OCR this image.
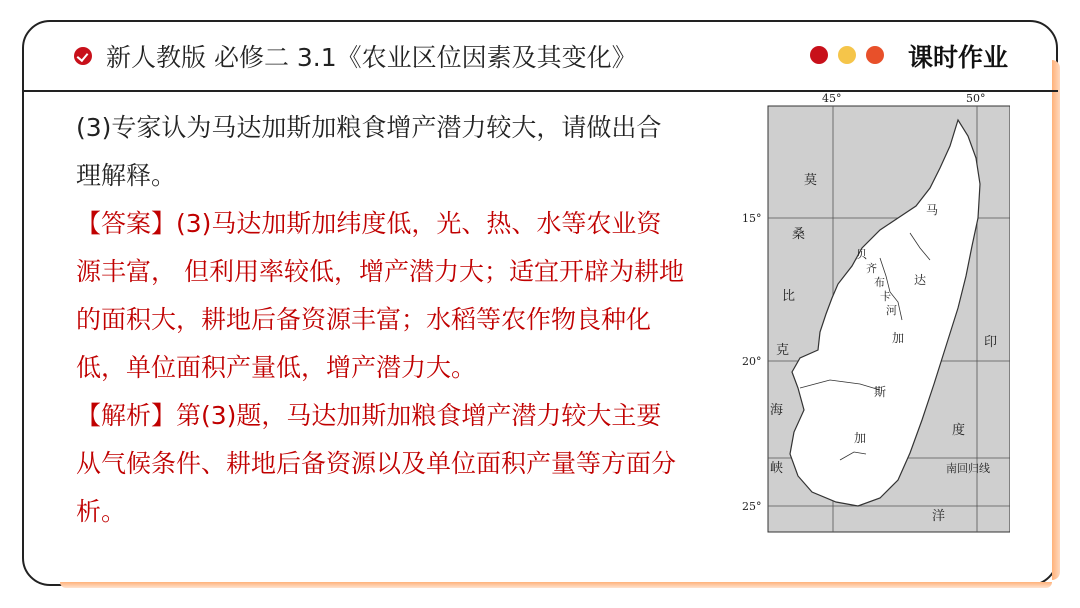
新人教版 必修二 3.1《农业区位因素及其变化》	课时作业

(3)专家认为马达加斯加粮食增产潜力较大，请做出合理解释。

【答案】(3)马达加斯加纬度低，光、热、水等农业资源丰富， 但利用率较低，增产潜力大；适宜开辟为耕地的面积大，耕地后备资源丰富；水稻等农作物良种化低，单位面积产量低，增产潜力大。

【解析】第(3)题，马达加斯加粮食增产潜力较大主要从气候条件、耕地后备资源以及单位面积产量等方面分析。

45°	50°
15°
20°
25°
莫
桑
比
克
海
峡
马
达
加
斯
加
贝
齐
布
卡
河
印
度
洋
南回归线
